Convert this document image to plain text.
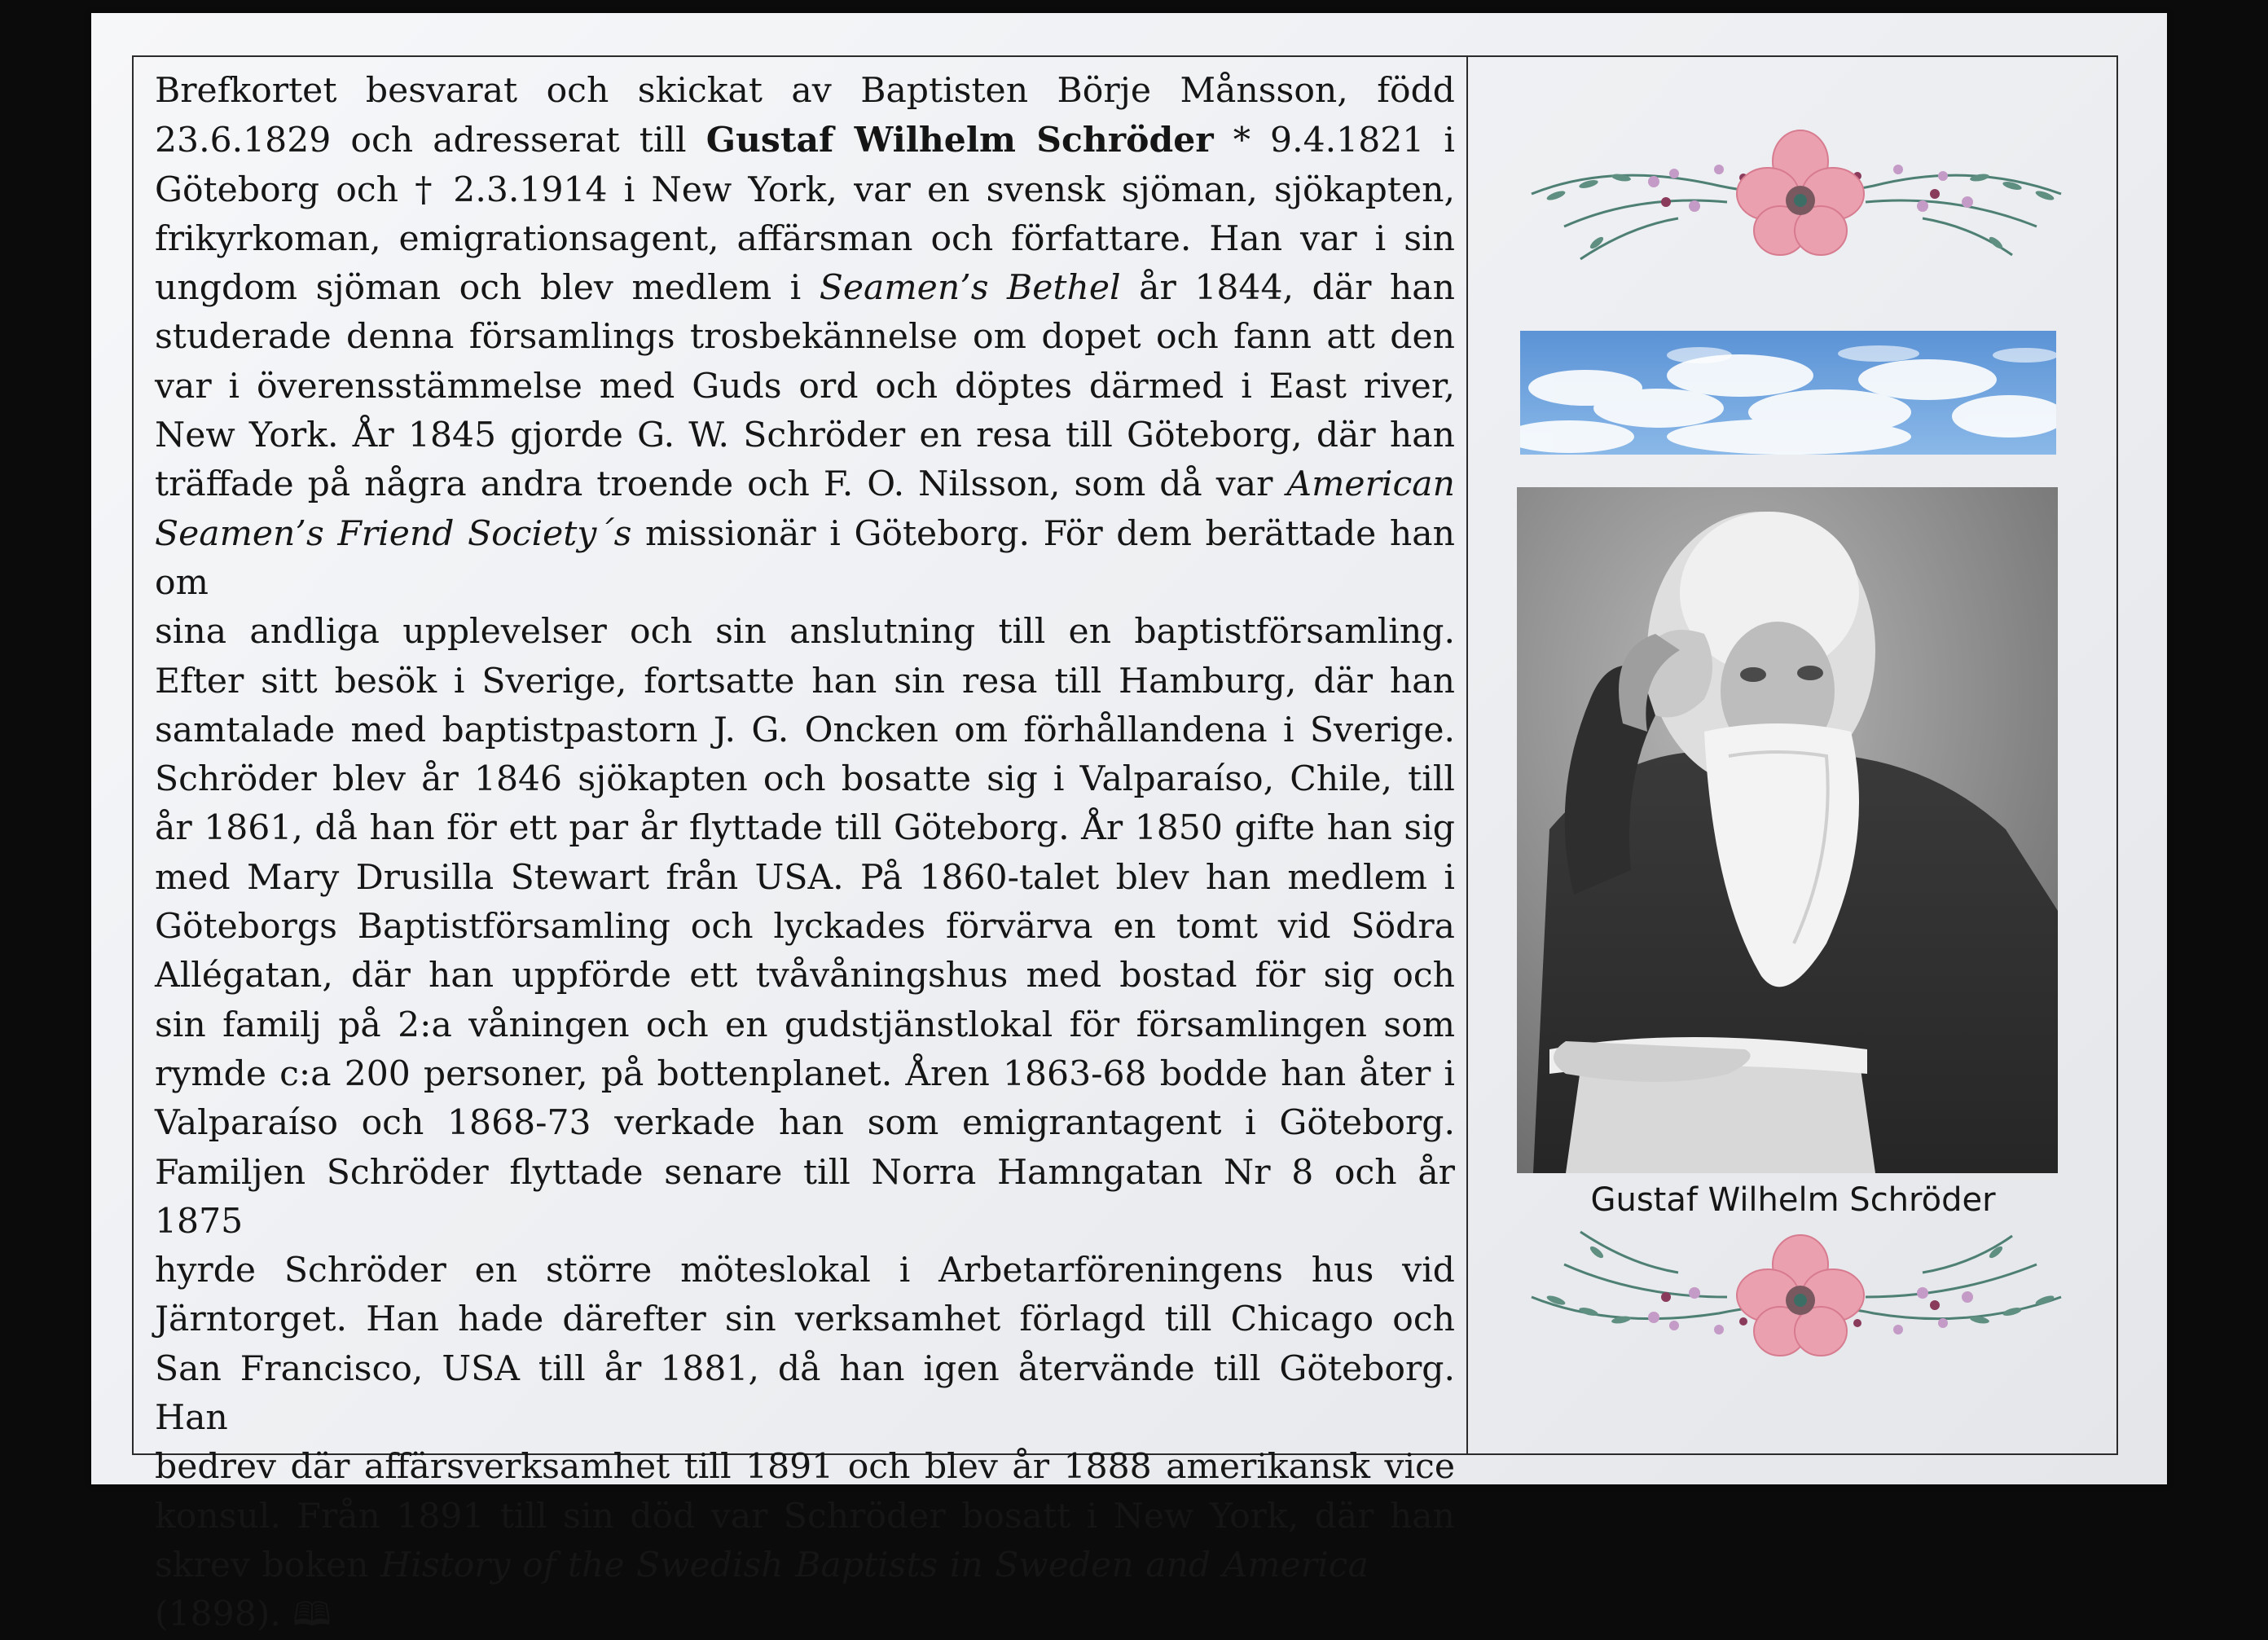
Brefkortet besvarat och skickat av Baptisten Börje Månsson, född
23.6.1829 och adresserat till Gustaf Wilhelm Schröder * 9.4.1821 i
Göteborg och † 2.3.1914 i New York, var en svensk sjöman, sjökapten,
frikyrkoman, emigrationsagent, affärsman och författare. Han var i sin
ungdom sjöman och blev medlem i Seamen’s Bethel år 1844, där han
studerade denna församlings trosbekännelse om dopet och fann att den
var i överensstämmelse med Guds ord och döptes därmed i East river,
New York. År 1845 gjorde G. W. Schröder en resa till Göteborg, där han
träffade på några andra troende och F. O. Nilsson, som då var American
Seamen’s Friend Society´s missionär i Göteborg. För dem berättade han om
sina andliga upplevelser och sin anslutning till en baptistförsamling.
Efter sitt besök i Sverige, fortsatte han sin resa till Hamburg, där han
samtalade med baptistpastorn J. G. Oncken om förhållandena i Sverige.
Schröder blev år 1846 sjökapten och bosatte sig i Valparaíso, Chile, till
år 1861, då han för ett par år flyttade till Göteborg. År 1850 gifte han sig
med Mary Drusilla Stewart från USA. På 1860-talet blev han medlem i
Göteborgs Baptistförsamling och lyckades förvärva en tomt vid Södra
Allégatan, där han uppförde ett tvåvåningshus med bostad för sig och
sin familj på 2:a våningen och en gudstjänstlokal för församlingen som
rymde c:a 200 personer, på bottenplanet. Åren 1863-68 bodde han åter i
Valparaíso och 1868-73 verkade han som emigrantagent i Göteborg.
Familjen Schröder flyttade senare till Norra Hamngatan Nr 8 och år 1875
hyrde Schröder en större möteslokal i Arbetarföreningens hus vid
Järntorget. Han hade därefter sin verksamhet förlagd till Chicago och
San Francisco, USA till år 1881, då han igen återvände till Göteborg. Han
bedrev där affärsverksamhet till 1891 och blev år 1888 amerikansk vice
konsul. Från 1891 till sin död var Schröder bosatt i New York, där han
skrev boken History of the Swedish Baptists in Sweden and America (1898). 🕮
Gustaf Wilhelm Schröder
